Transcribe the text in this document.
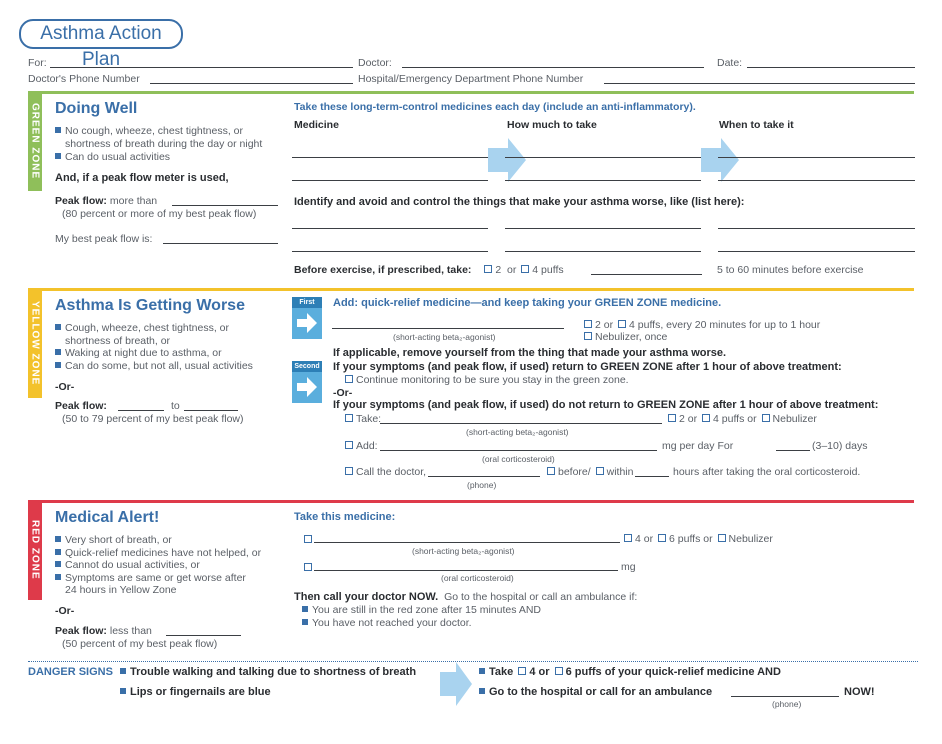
Asthma Action Plan
For:	Doctor:	Date:
Doctor's Phone Number	Hospital/Emergency Department Phone Number
GREEN ZONE Doing Well
No cough, wheeze, chest tightness, or
shortness of breath during the day or night
Can do usual activities
And, if a peak flow meter is used,
Peak flow: more than
(80 percent or more of my best peak flow)
My best peak flow is:
Take these long-term-control medicines each day (include an anti-inflammatory).
Medicine	How much to take	When to take it
Identify and avoid and control the things that make your asthma worse, like (list here):
Before exercise, if prescribed, take: 2 or 4 puffs	5 to 60 minutes before exercise
YELLOW ZONE Asthma Is Getting Worse
Cough, wheeze, chest tightness, or
shortness of breath, or
Waking at night due to asthma, or
Can do some, but not all, usual activities
-Or-
Peak flow:	to
(50 to 79 percent of my best peak flow)
First	Add: quick-relief medicine—and keep taking your GREEN ZONE medicine.
(short-acting beta₂-agonist)
2 or 4 puffs, every 20 minutes for up to 1 hour
Nebulizer, once
If applicable, remove yourself from the thing that made your asthma worse.
Second If your symptoms (and peak flow, if used) return to GREEN ZONE after 1 hour of above treatment:
Continue monitoring to be sure you stay in the green zone.
-Or-
If your symptoms (and peak flow, if used) do not return to GREEN ZONE after 1 hour of above treatment:
Take:	2 or 4 puffs or Nebulizer
(short-acting beta₂-agonist)
Add:	mg per day For	(3–10) days
(oral corticosteroid)
Call the doctor,	before/ within	hours after taking the oral corticosteroid.
(phone)
RED ZONE
Medical Alert!
Very short of breath, or
Quick-relief medicines have not helped, or
Cannot do usual activities, or
Symptoms are same or get worse after
24 hours in Yellow Zone
-Or-
Peak flow: less than
(50 percent of my best peak flow)
Take this medicine:
4 or 6 puffs or Nebulizer
(short-acting beta₂-agonist)
mg
(oral corticosteroid)
Then call your doctor NOW. Go to the hospital or call an ambulance if:
You are still in the red zone after 15 minutes AND
You have not reached your doctor.
DANGER SIGNS	Trouble walking and talking due to shortness of breath
Lips or fingernails are blue
Take 4 or 6 puffs of your quick-relief medicine AND
Go to the hospital or call for an ambulance	NOW!
(phone)
